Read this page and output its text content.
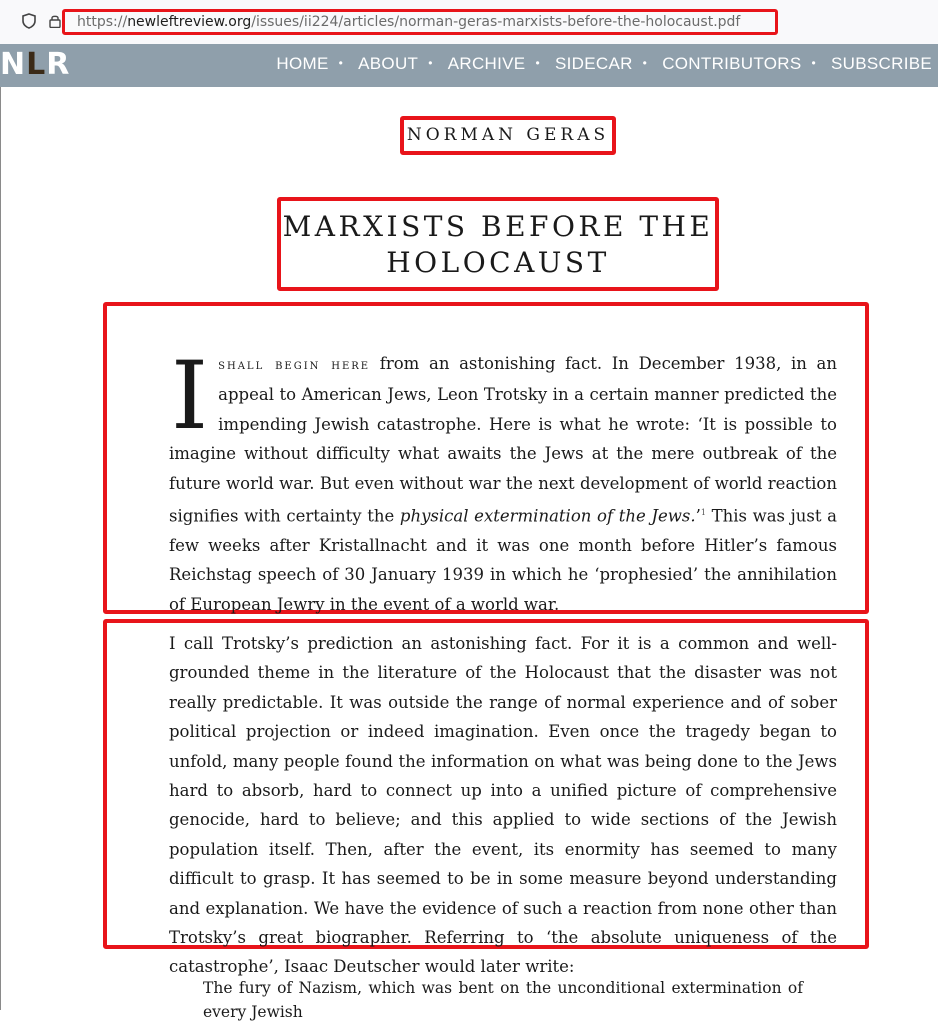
https://newleftreview.org/issues/ii224/articles/norman-geras-marxists-before-the-holocaust.pdf
NLR	HOME • ABOUT • ARCHIVE • SIDECAR • CONTRIBUTORS • SUBSCRIBE
NORMAN GERAS
MARXISTS BEFORE THE HOLOCAUST
Ishall begin here from an astonishing fact. In December 1938, in an appeal to American Jews, Leon Trotsky in a certain manner predicted the impending Jewish catastrophe. Here is what he wrote: ‘It is possible to imagine without difficulty what awaits the Jews at the mere outbreak of the future world war. But even without war the next development of world reaction signifies with certainty the physical extermination of the Jews.’$^1$ This was just a few weeks after Kristallnacht and it was one month before Hitler’s famous Reichstag speech of 30 January 1939 in which he ‘prophesied’ the annihilation of European Jewry in the event of a world war.
I call Trotsky’s prediction an astonishing fact. For it is a common and well-grounded theme in the literature of the Holocaust that the disaster was not really predictable. It was outside the range of normal experience and of sober political projection or indeed imagination. Even once the tragedy began to unfold, many people found the information on what was being done to the Jews hard to absorb, hard to connect up into a unified picture of comprehensive genocide, hard to believe; and this applied to wide sections of the Jewish population itself. Then, after the event, its enormity has seemed to many difficult to grasp. It has seemed to be in some measure beyond understanding and explanation. We have the evidence of such a reaction from none other than Trotsky’s great biographer. Referring to ‘the absolute uniqueness of the catastrophe’, Isaac Deutscher would later write:
The fury of Nazism, which was bent on the unconditional extermination of every Jewish
